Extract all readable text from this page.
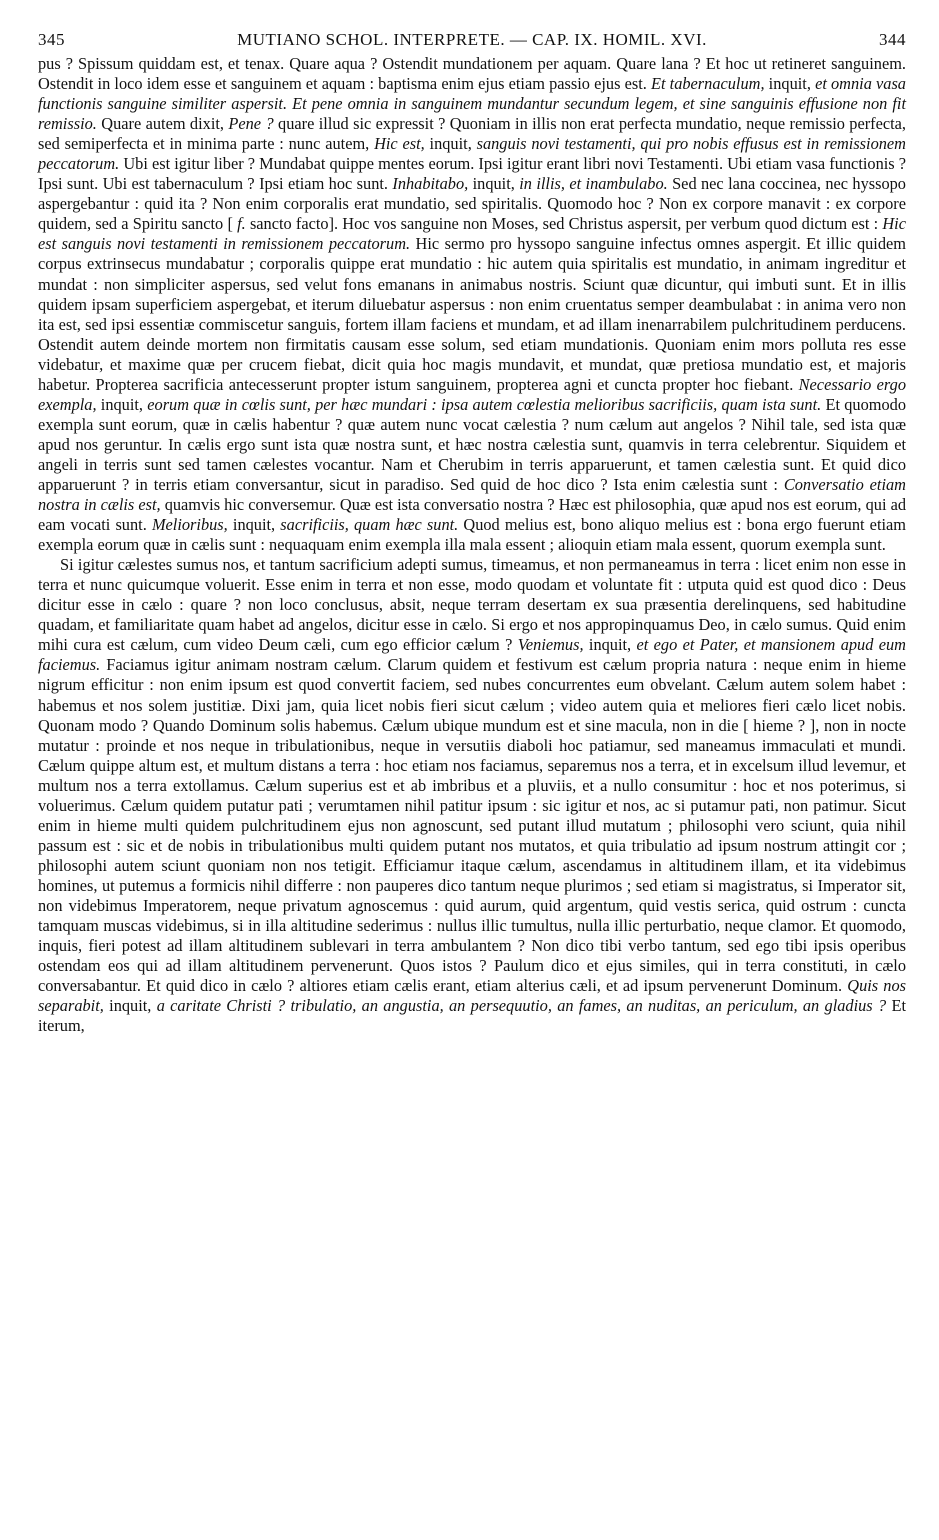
345	MUTIANO SCHOL. INTERPRETE. — CAP. IX. HOMIL. XVI.	344

pus ? Spissum quiddam est, et tenax. Quare aqua ? Ostendit mundationem per aquam. Quare lana ? Et hoc ut retineret sanguinem. Ostendit in loco idem esse et sanguinem et aquam : baptisma enim ejus etiam passio ejus est. Et tabernaculum, inquit, et omnia vasa functionis sanguine similiter aspersit. Et pene omnia in sanguinem mundantur secundum legem, et sine sanguinis effusione non fit remissio. Quare autem dixit, Pene ? quare illud sic expressit ? Quoniam in illis non erat perfecta mundatio, neque remissio perfecta, sed semiperfecta et in minima parte : nunc autem, Hic est, inquit, sanguis novi testamenti, qui pro nobis effusus est in remissionem peccatorum. Ubi est igitur liber ? Mundabat quippe mentes eorum. Ipsi igitur erant libri novi Testamenti. Ubi etiam vasa functionis ? Ipsi sunt. Ubi est tabernaculum ? Ipsi etiam hoc sunt. Inhabitabo, inquit, in illis, et inambulabo. Sed nec lana coccinea, nec hyssopo aspergebantur : quid ita ? Non enim corporalis erat mundatio, sed spiritalis. Quomodo hoc ? Non ex corpore manavit : ex corpore quidem, sed a Spiritu sancto [ f. sancto facto]. Hoc vos sanguine non Moses, sed Christus aspersit, per verbum quod dictum est : Hic est sanguis novi testamenti in remissionem peccatorum. Hic sermo pro hyssopo sanguine infectus omnes aspergit. Et illic quidem corpus extrinsecus mundabatur ; corporalis quippe erat mundatio : hic autem quia spiritalis est mundatio, in animam ingreditur et mundat : non simpliciter aspersus, sed velut fons emanans in animabus nostris. Sciunt quæ dicuntur, qui imbuti sunt. Et in illis quidem ipsam superficiem aspergebat, et iterum diluebatur aspersus : non enim cruentatus semper deambulabat : in anima vero non ita est, sed ipsi essentiæ commiscetur sanguis, fortem illam faciens et mundam, et ad illam inenarrabilem pulchritudinem perducens. Ostendit autem deinde mortem non firmitatis causam esse solum, sed etiam mundationis. Quoniam enim mors polluta res esse videbatur, et maxime quæ per crucem fiebat, dicit quia hoc magis mundavit, et mundat, quæ pretiosa mundatio est, et majoris habetur. Propterea sacrificia antecesserunt propter istum sanguinem, propterea agni et cuncta propter hoc fiebant. Necessario ergo exempla, inquit, eorum quæ in cœlis sunt, per hæc mundari : ipsa autem cœlestia melioribus sacrificiis, quam ista sunt. Et quomodo exempla sunt eorum, quæ in cælis habentur ? quæ autem nunc vocat cælestia ? num cælum aut angelos ? Nihil tale, sed ista quæ apud nos geruntur. In cælis ergo sunt ista quæ nostra sunt, et hæc nostra cælestia sunt, quamvis in terra celebrentur. Siquidem et angeli in terris sunt sed tamen cælestes vocantur. Nam et Cherubim in terris apparuerunt, et tamen cælestia sunt. Et quid dico apparuerunt ? in terris etiam conversantur, sicut in paradiso. Sed quid de hoc dico ? Ista enim cælestia sunt : Conversatio etiam nostra in cælis est, quamvis hic conversemur. Quæ est ista conversatio nostra ? Hæc est philosophia, quæ apud nos est eorum, qui ad eam vocati sunt. Melioribus, inquit, sacrificiis, quam hæc sunt. Quod melius est, bono aliquo melius est : bona ergo fuerunt etiam exempla eorum quæ in cælis sunt : nequaquam enim exempla illa mala essent ; alioquin etiam mala essent, quorum exempla sunt.

Si igitur cælestes sumus nos, et tantum sacrificium adepti sumus, timeamus, et non permaneamus in terra : licet enim non esse in terra et nunc quicumque voluerit. Esse enim in terra et non esse, modo quodam et voluntate fit : utputa quid est quod dico : Deus dicitur esse in cælo : quare ? non loco conclusus, absit, neque terram desertam ex sua præsentia derelinquens, sed habitudine quadam, et familiaritate quam habet ad angelos, dicitur esse in cælo. Si ergo et nos appropinquamus Deo, in cælo sumus. Quid enim mihi cura est cælum, cum video Deum cæli, cum ego efficior cælum ? Veniemus, inquit, et ego et Pater, et mansionem apud eum faciemus. Faciamus igitur animam nostram cælum. Clarum quidem et festivum est cælum propria natura : neque enim in hieme nigrum efficitur : non enim ipsum est quod convertit faciem, sed nubes concurrentes eum obvelant. Cælum autem solem habet : habemus et nos solem justitiæ. Dixi jam, quia licet nobis fieri sicut cælum ; video autem quia et meliores fieri cælo licet nobis. Quonam modo ? Quando Dominum solis habemus. Cælum ubique mundum est et sine macula, non in die [ hieme ? ], non in nocte mutatur : proinde et nos neque in tribulationibus, neque in versutiis diaboli hoc patiamur, sed maneamus immaculati et mundi. Cælum quippe altum est, et multum distans a terra : hoc etiam nos faciamus, separemus nos a terra, et in excelsum illud levemur, et multum nos a terra extollamus. Cælum superius est et ab imbribus et a pluviis, et a nullo consumitur : hoc et nos poterimus, si voluerimus. Cælum quidem putatur pati ; verumtamen nihil patitur ipsum : sic igitur et nos, ac si putamur pati, non patimur. Sicut enim in hieme multi quidem pulchritudinem ejus non agnoscunt, sed putant illud mutatum ; philosophi vero sciunt, quia nihil passum est : sic et de nobis in tribulationibus multi quidem putant nos mutatos, et quia tribulatio ad ipsum nostrum attingit cor ; philosophi autem sciunt quoniam non nos tetigit. Efficiamur itaque cælum, ascendamus in altitudinem illam, et ita videbimus homines, ut putemus a formicis nihil differre : non pauperes dico tantum neque plurimos ; sed etiam si magistratus, si Imperator sit, non videbimus Imperatorem, neque privatum agnoscemus : quid aurum, quid argentum, quid vestis serica, quid ostrum : cuncta tamquam muscas videbimus, si in illa altitudine sederimus : nullus illic tumultus, nulla illic perturbatio, neque clamor. Et quomodo, inquis, fieri potest ad illam altitudinem sublevari in terra ambulantem ? Non dico tibi verbo tantum, sed ego tibi ipsis operibus ostendam eos qui ad illam altitudinem pervenerunt. Quos istos ? Paulum dico et ejus similes, qui in terra constituti, in cælo conversabantur. Et quid dico in cælo ? altiores etiam cælis erant, etiam alterius cæli, et ad ipsum pervenerunt Dominum. Quis nos separabit, inquit, a caritate Christi ? tribulatio, an angustia, an persequutio, an fames, an nuditas, an periculum, an gladius ? Et iterum,
